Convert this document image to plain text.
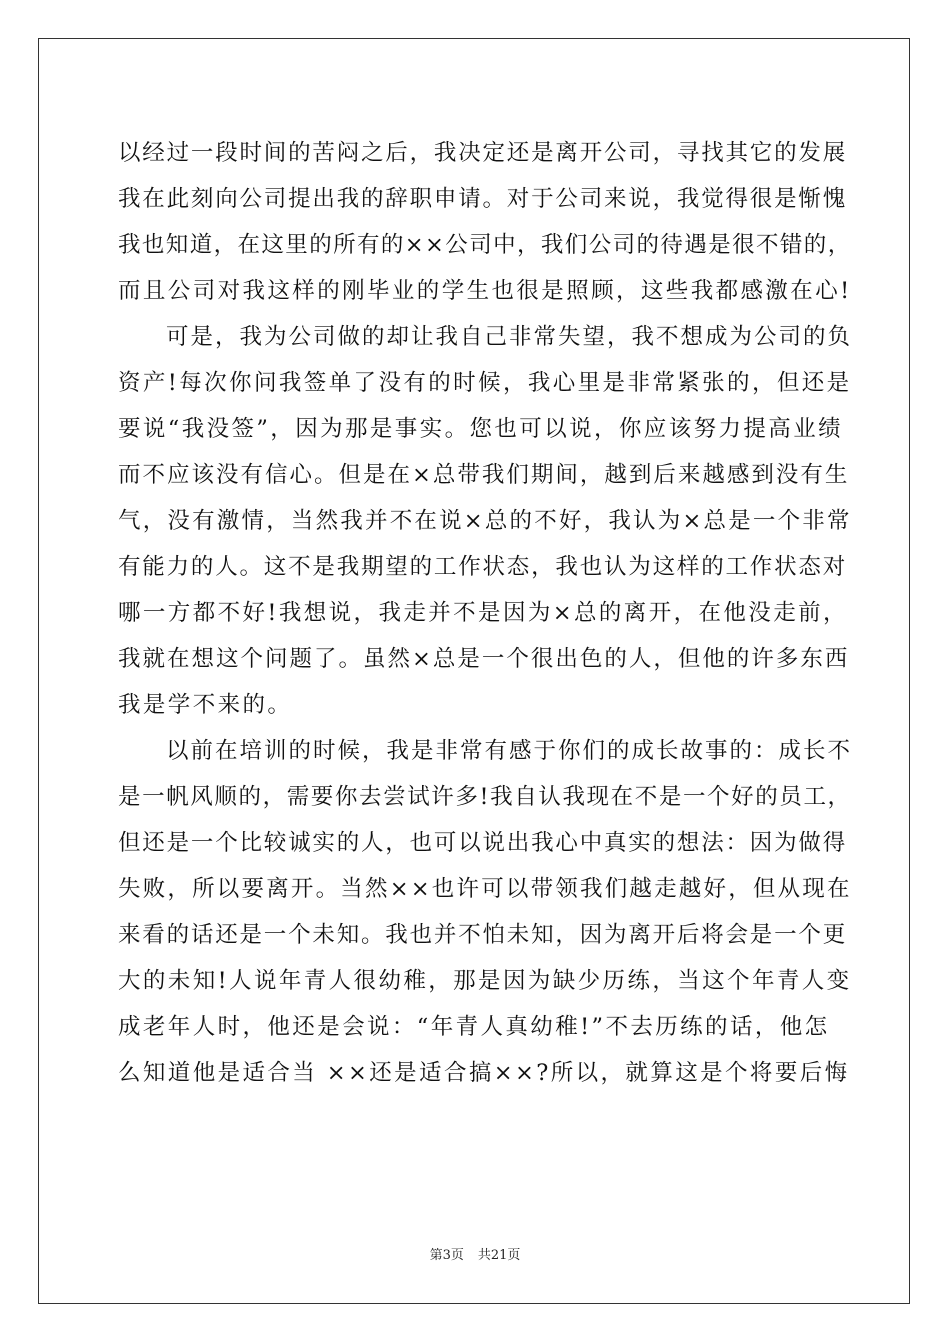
以经过一段时间的苦闷之后，我决定还是离开公司，寻找其它的发展
我在此刻向公司提出我的辞职申请。对于公司来说，我觉得很是惭愧
我也知道，在这里的所有的××公司中，我们公司的待遇是很不错的，
而且公司对我这样的刚毕业的学生也很是照顾，这些我都感激在心!
可是，我为公司做的却让我自己非常失望，我不想成为公司的负
资产!每次你问我签单了没有的时候，我心里是非常紧张的，但还是
要说“我没签”，因为那是事实。您也可以说，你应该努力提高业绩
而不应该没有信心。但是在×总带我们期间，越到后来越感到没有生
气，没有激情，当然我并不在说×总的不好，我认为×总是一个非常
有能力的人。这不是我期望的工作状态，我也认为这样的工作状态对
哪一方都不好!我想说，我走并不是因为×总的离开，在他没走前，
我就在想这个问题了。虽然×总是一个很出色的人，但他的许多东西
我是学不来的。
以前在培训的时候，我是非常有感于你们的成长故事的：成长不
是一帆风顺的，需要你去尝试许多!我自认我现在不是一个好的员工，
但还是一个比较诚实的人，也可以说出我心中真实的想法：因为做得
失败，所以要离开。当然××也许可以带领我们越走越好，但从现在
来看的话还是一个未知。我也并不怕未知，因为离开后将会是一个更
大的未知!人说年青人很幼稚，那是因为缺少历练，当这个年青人变
成老年人时，他还是会说：“年青人真幼稚!”不去历练的话，他怎
么知道他是适合当 ××还是适合搞××?所以，就算这是个将要后悔
第3页 共21页
